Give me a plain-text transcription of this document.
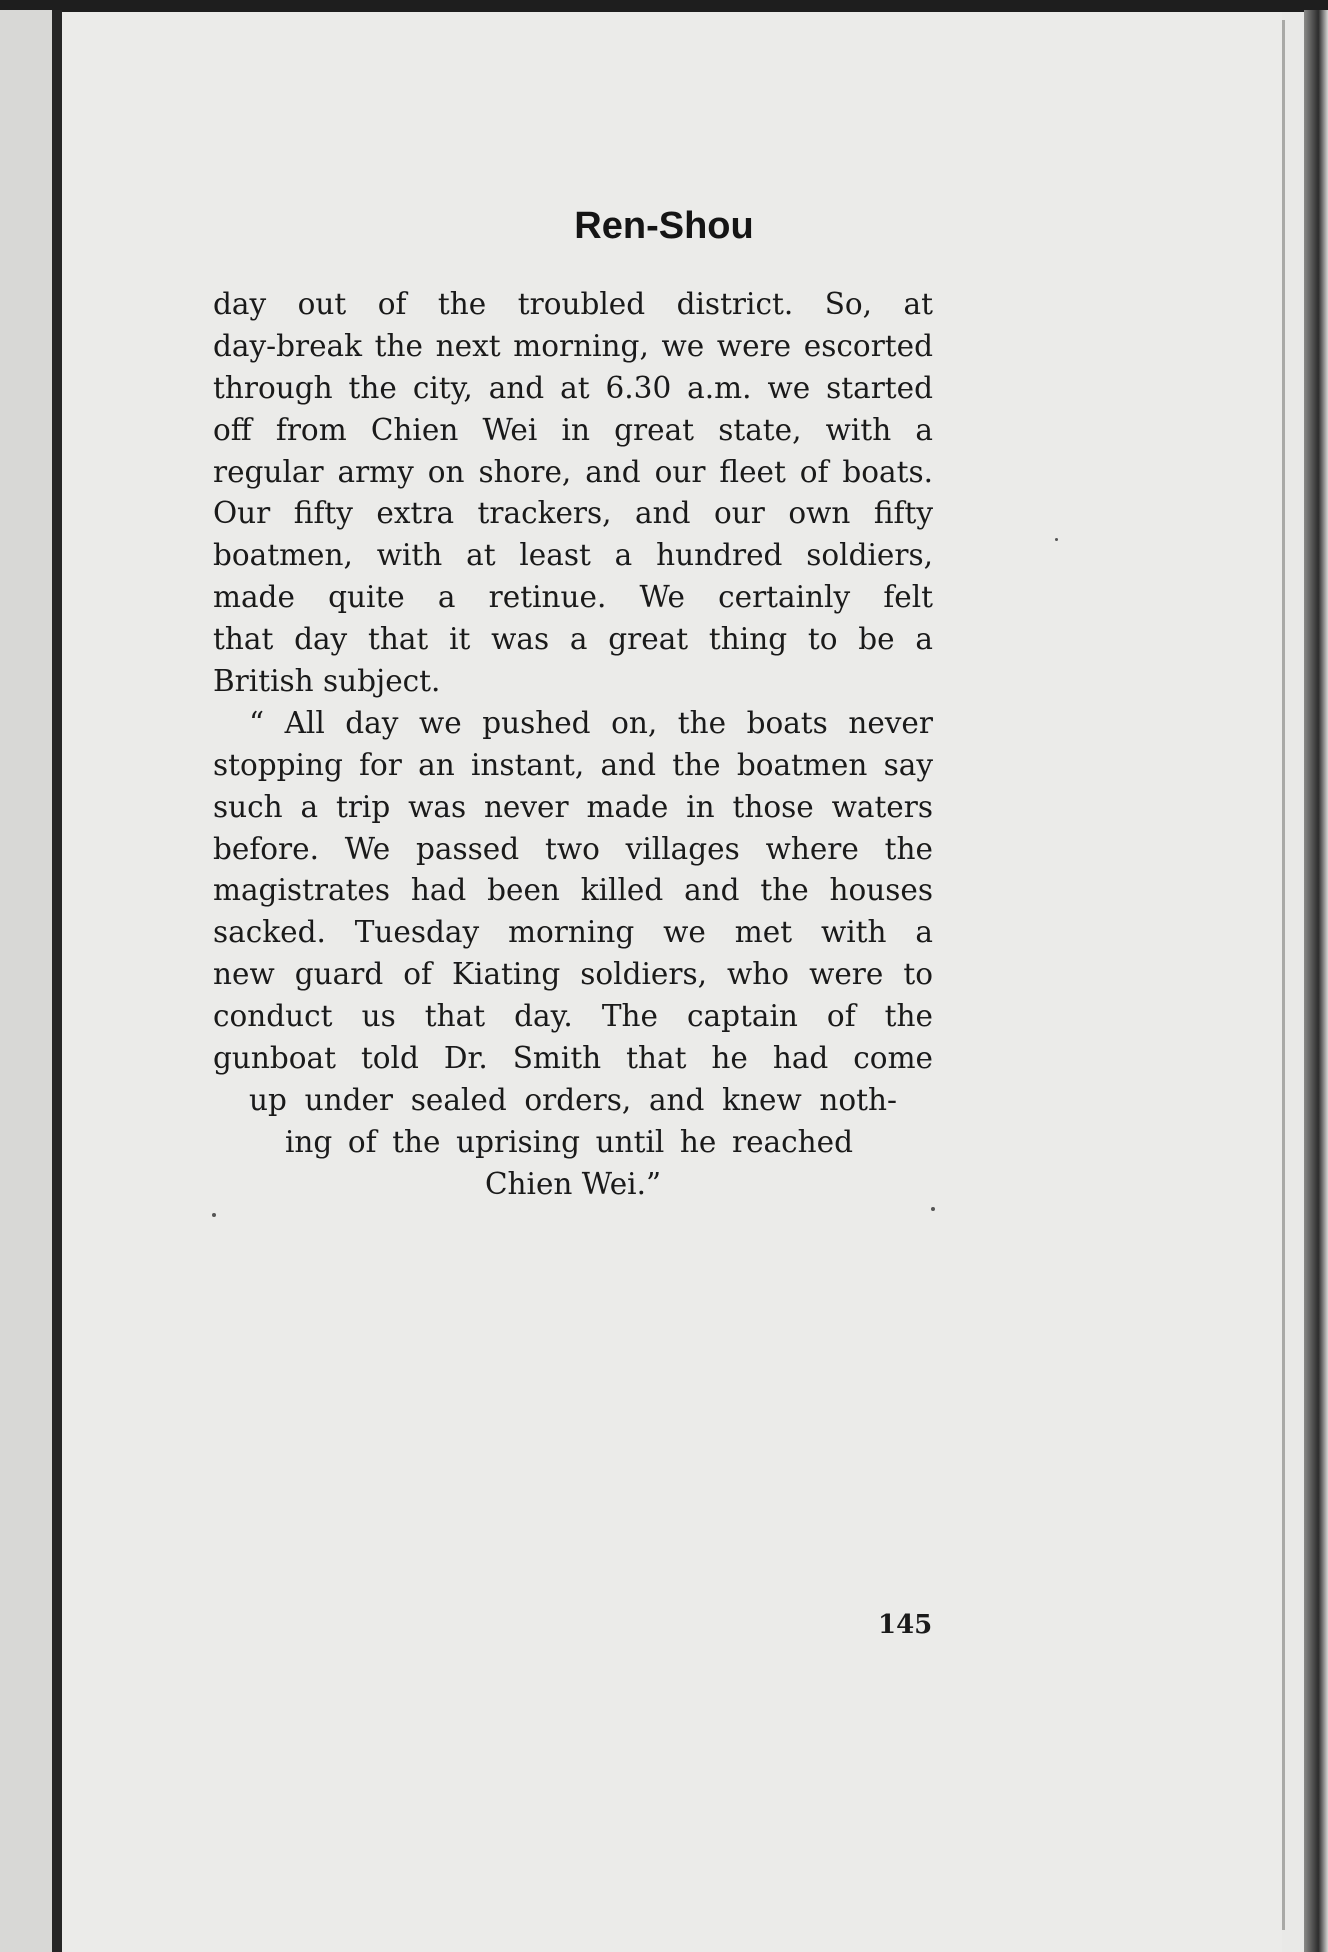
Ren-Shou
day out of the troubled district. So, at
day-break the next morning, we were escorted
through the city, and at 6.30 a.m. we started
off from Chien Wei in great state, with a
regular army on shore, and our fleet of boats.
Our fifty extra trackers, and our own fifty
boatmen, with at least a hundred soldiers,
made quite a retinue. We certainly felt
that day that it was a great thing to be a
British subject.
“ All day we pushed on, the boats never
stopping for an instant, and the boatmen say
such a trip was never made in those waters
before. We passed two villages where the
magistrates had been killed and the houses
sacked. Tuesday morning we met with a
new guard of Kiating soldiers, who were to
conduct us that day. The captain of the
gunboat told Dr. Smith that he had come
up under sealed orders, and knew noth-
ing of the uprising until he reached
Chien Wei.”
145
